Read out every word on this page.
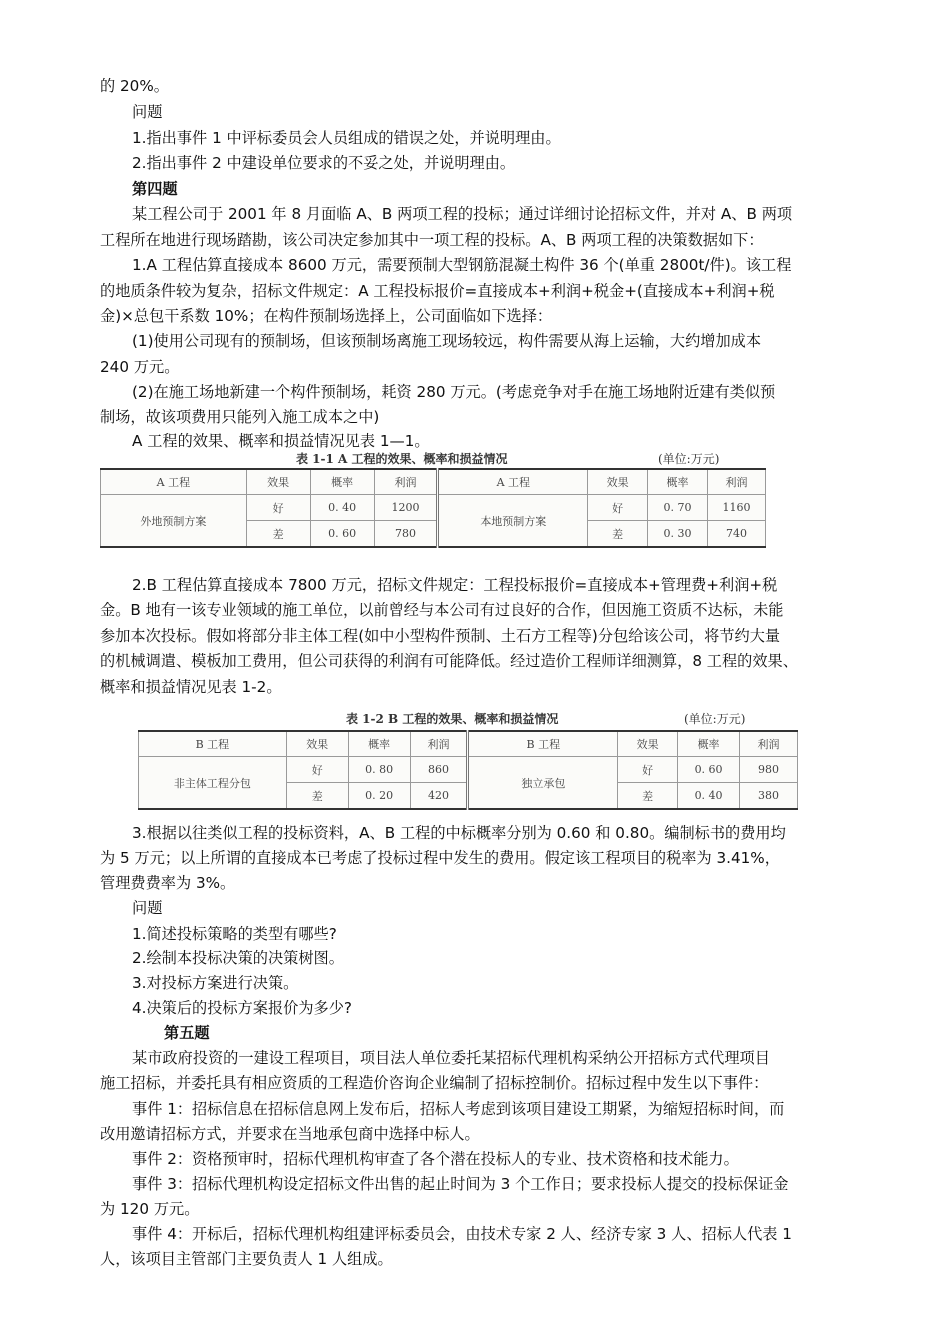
的 20%。
问题
1.指出事件 1 中评标委员会人员组成的错误之处，并说明理由。
2.指出事件 2 中建设单位要求的不妥之处，并说明理由。
第四题
某工程公司于 2001 年 8 月面临 A、B 两项工程的投标；通过详细讨论招标文件，并对 A、B 两项
工程所在地进行现场踏勘，该公司决定参加其中一项工程的投标。A、B 两项工程的决策数据如下：
1.A 工程估算直接成本 8600 万元，需要预制大型钢筋混凝土构件 36 个(单重 2800t/件)。该工程
的地质条件较为复杂，招标文件规定：A 工程投标报价=直接成本+利润+税金+(直接成本+利润+税
金)×总包干系数 10%；在构件预制场选择上，公司面临如下选择：
(1)使用公司现有的预制场，但该预制场离施工现场较远，构件需要从海上运输，大约增加成本
240 万元。
(2)在施工场地新建一个构件预制场，耗资 280 万元。(考虑竞争对手在施工场地附近建有类似预
制场，故该项费用只能列入施工成本之中)
A 工程的效果、概率和损益情况见表 1—1。
表 1-1 A 工程的效果、概率和损益情况	(单位:万元)
A 工程	效果	概率	利润	A 工程	效果	概率	利润
外地预制方案	好	0. 40	1200	本地预制方案	好	0. 70	1160
	差	0. 60	780		差	0. 30	740
2.B 工程估算直接成本 7800 万元，招标文件规定：工程投标报价=直接成本+管理费+利润+税
金。B 地有一该专业领域的施工单位，以前曾经与本公司有过良好的合作，但因施工资质不达标，未能
参加本次投标。假如将部分非主体工程(如中小型构件预制、土石方工程等)分包给该公司，将节约大量
的机械调遣、模板加工费用，但公司获得的利润有可能降低。经过造价工程师详细测算，8 工程的效果、
概率和损益情况见表 1-2。
表 1-2 B 工程的效果、概率和损益情况	(单位:万元)
B 工程	效果	概率	利润	B 工程	效果	概率	利润
非主体工程分包	好	0. 80	860	独立承包	好	0. 60	980
	差	0. 20	420		差	0. 40	380
3.根据以往类似工程的投标资料，A、B 工程的中标概率分别为 0.60 和 0.80。编制标书的费用均
为 5 万元；以上所谓的直接成本已考虑了投标过程中发生的费用。假定该工程项目的税率为 3.41%，
管理费费率为 3%。
问题
1.简述投标策略的类型有哪些?
2.绘制本投标决策的决策树图。
3.对投标方案进行决策。
4.决策后的投标方案报价为多少?
第五题
某市政府投资的一建设工程项目，项目法人单位委托某招标代理机构采纳公开招标方式代理项目
施工招标，并委托具有相应资质的工程造价咨询企业编制了招标控制价。招标过程中发生以下事件：
事件 1：招标信息在招标信息网上发布后，招标人考虑到该项目建设工期紧，为缩短招标时间，而
改用邀请招标方式，并要求在当地承包商中选择中标人。
事件 2：资格预审时，招标代理机构审查了各个潜在投标人的专业、技术资格和技术能力。
事件 3：招标代理机构设定招标文件出售的起止时间为 3 个工作日；要求投标人提交的投标保证金
为 120 万元。
事件 4：开标后，招标代理机构组建评标委员会，由技术专家 2 人、经济专家 3 人、招标人代表 1
人，该项目主管部门主要负责人 1 人组成。
